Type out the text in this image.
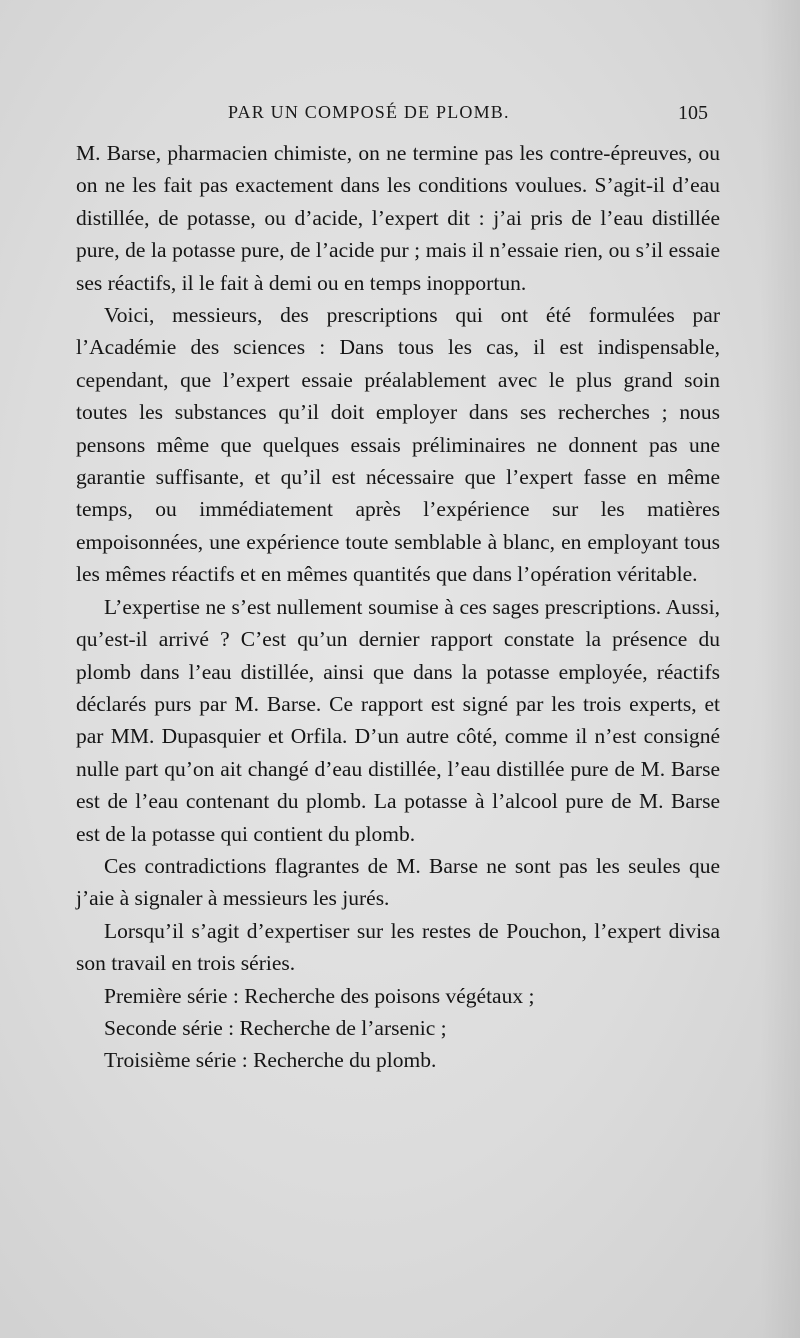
PAR UN COMPOSÉ DE PLOMB.	105

M. Barse, pharmacien chimiste, on ne termine pas les contre-épreuves, ou on ne les fait pas exactement dans les conditions voulues. S’agit-il d’eau distillée, de potasse, ou d’acide, l’expert dit : j’ai pris de l’eau distillée pure, de la potasse pure, de l’acide pur ; mais il n’essaie rien, ou s’il essaie ses réactifs, il le fait à demi ou en temps inopportun.

Voici, messieurs, des prescriptions qui ont été formulées par l’Académie des sciences : Dans tous les cas, il est indispensable, cependant, que l’expert essaie préalablement avec le plus grand soin toutes les substances qu’il doit employer dans ses recherches ; nous pensons même que quelques essais préliminaires ne donnent pas une garantie suffisante, et qu’il est nécessaire que l’expert fasse en même temps, ou immédiatement après l’expérience sur les matières empoisonnées, une expérience toute semblable à blanc, en employant tous les mêmes réactifs et en mêmes quantités que dans l’opération véritable.

L’expertise ne s’est nullement soumise à ces sages prescriptions. Aussi, qu’est-il arrivé ? C’est qu’un dernier rapport constate la présence du plomb dans l’eau distillée, ainsi que dans la potasse employée, réactifs déclarés purs par M. Barse. Ce rapport est signé par les trois experts, et par MM. Dupasquier et Orfila. D’un autre côté, comme il n’est consigné nulle part qu’on ait changé d’eau distillée, l’eau distillée pure de M. Barse est de l’eau contenant du plomb. La potasse à l’alcool pure de M. Barse est de la potasse qui contient du plomb.

Ces contradictions flagrantes de M. Barse ne sont pas les seules que j’aie à signaler à messieurs les jurés.

Lorsqu’il s’agit d’expertiser sur les restes de Pouchon, l’expert divisa son travail en trois séries.

Première série : Recherche des poisons végétaux ;

Seconde série : Recherche de l’arsenic ;

Troisième série : Recherche du plomb.
